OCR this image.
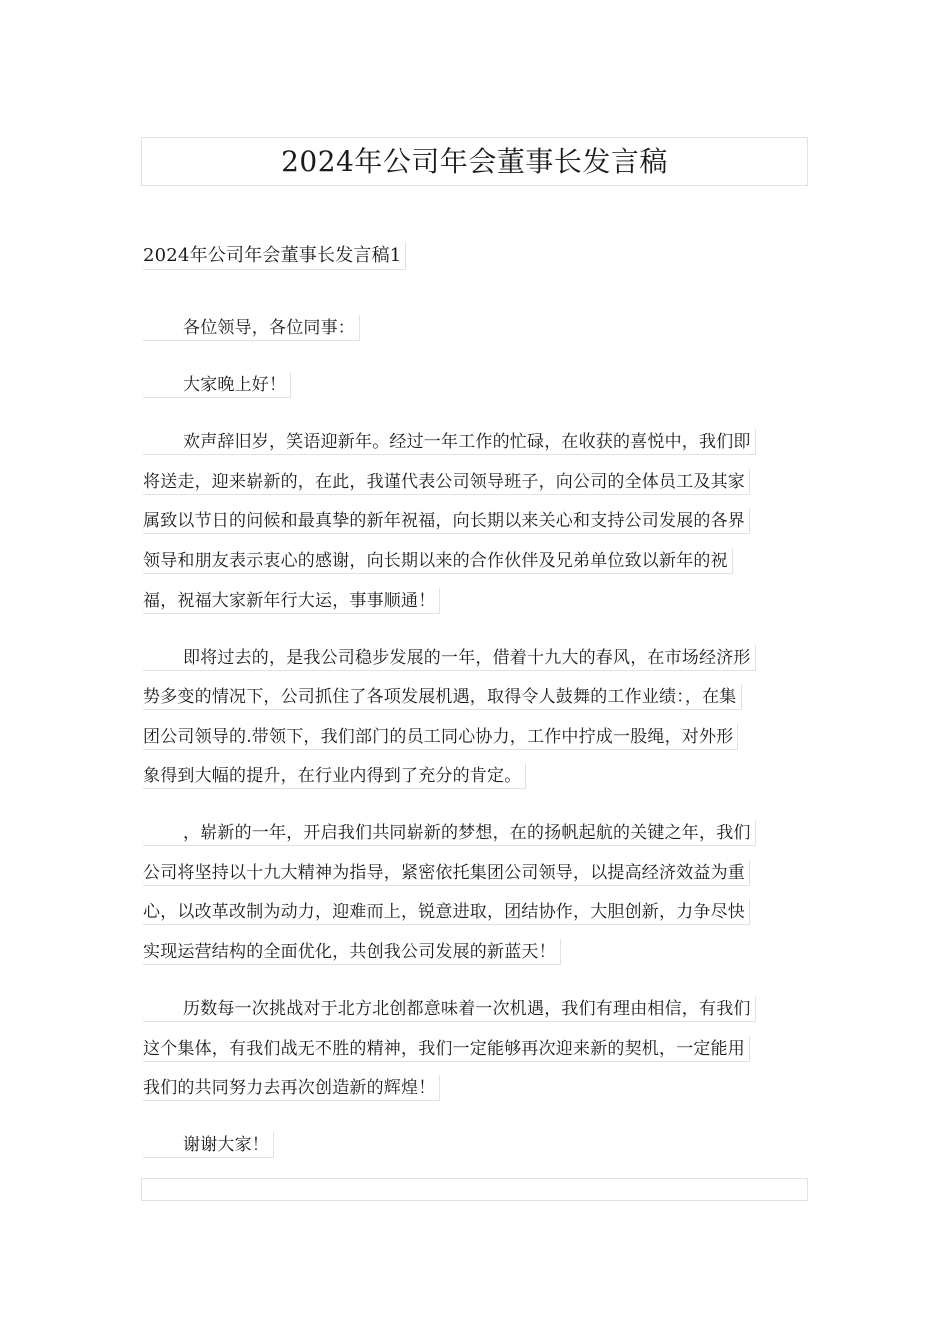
2024年公司年会董事长发言稿
2024年公司年会董事长发言稿1
各位领导，各位同事：
大家晚上好！
欢声辞旧岁，笑语迎新年。经过一年工作的忙碌，在收获的喜悦中，我们即
将送走，迎来崭新的，在此，我谨代表公司领导班子，向公司的全体员工及其家
属致以节日的问候和最真挚的新年祝福，向长期以来关心和支持公司发展的各界
领导和朋友表示衷心的感谢，向长期以来的合作伙伴及兄弟单位致以新年的祝
福，祝福大家新年行大运，事事顺通！
即将过去的，是我公司稳步发展的一年，借着十九大的春风，在市场经济形
势多变的情况下，公司抓住了各项发展机遇，取得令人鼓舞的工作业绩：，在集
团公司领导的.带领下，我们部门的员工同心协力，工作中拧成一股绳，对外形
象得到大幅的提升，在行业内得到了充分的肯定。
，崭新的一年，开启我们共同崭新的梦想，在的扬帆起航的关键之年，我们
公司将坚持以十九大精神为指导，紧密依托集团公司领导，以提高经济效益为重
心，以改革改制为动力，迎难而上，锐意进取，团结协作，大胆创新，力争尽快
实现运营结构的全面优化，共创我公司发展的新蓝天！
历数每一次挑战对于北方北创都意味着一次机遇，我们有理由相信，有我们
这个集体，有我们战无不胜的精神，我们一定能够再次迎来新的契机，一定能用
我们的共同努力去再次创造新的辉煌！
谢谢大家！
